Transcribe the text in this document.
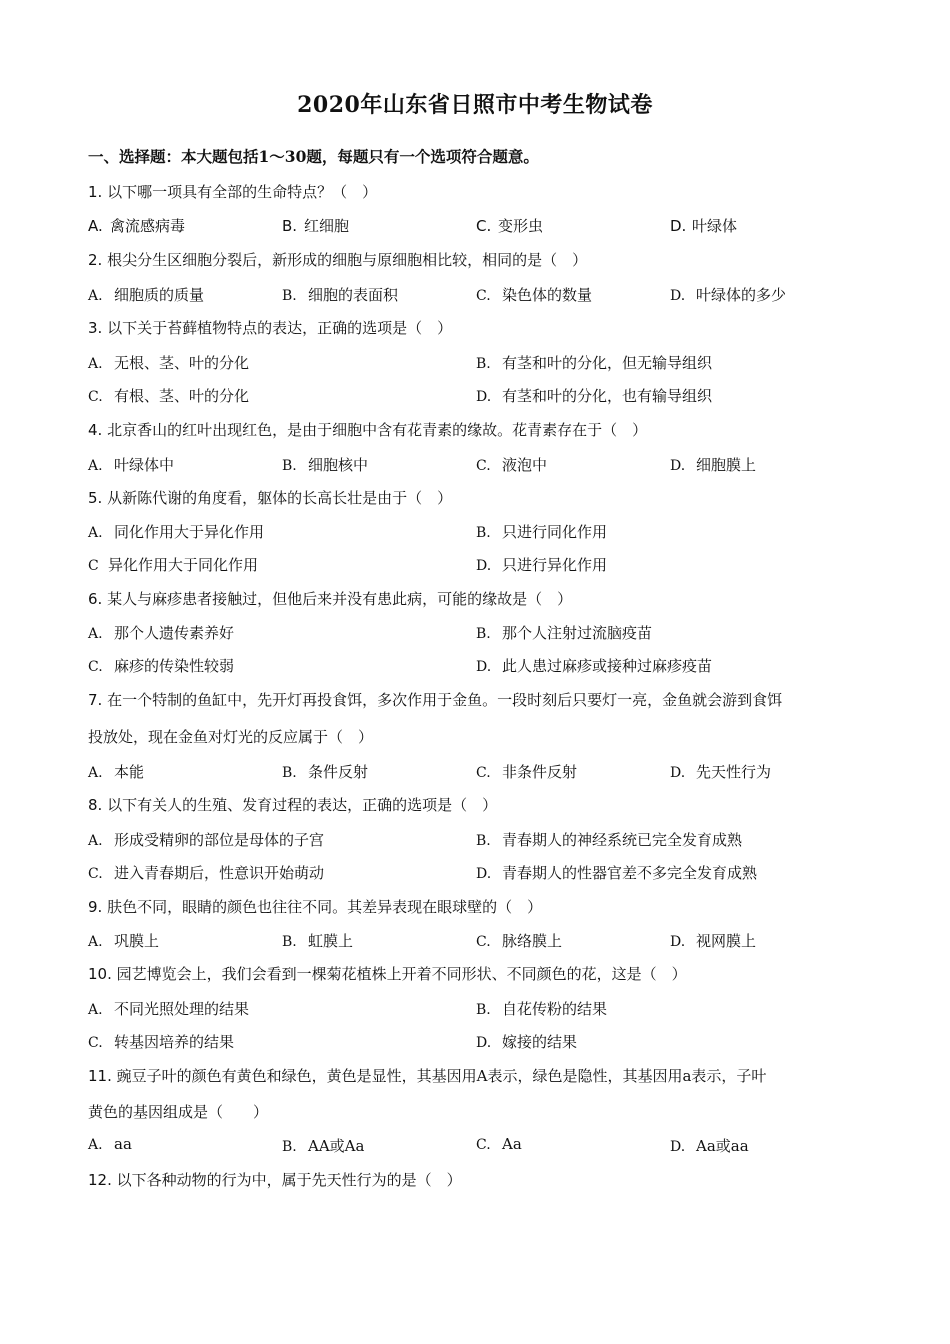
2020年山东省日照市中考生物试卷
一、选择题：本大题包括1～30题，每题只有一个选项符合题意。
1. 以下哪一项具有全部的生命特点？（　）
A. 禽流感病毒	B. 红细胞	C. 变形虫	D. 叶绿体
2. 根尖分生区细胞分裂后，新形成的细胞与原细胞相比较，相同的是（　）
A. 细胞质的质量	B. 细胞的表面积	C. 染色体的数量	D. 叶绿体的多少
3. 以下关于苔藓植物特点的表达，正确的选项是（　）
A. 无根、茎、叶的分化	B. 有茎和叶的分化，但无输导组织
C. 有根、茎、叶的分化	D. 有茎和叶的分化，也有输导组织
4. 北京香山的红叶出现红色，是由于细胞中含有花青素的缘故。花青素存在于（　）
A. 叶绿体中	B. 细胞核中	C. 液泡中	D. 细胞膜上
5. 从新陈代谢的角度看，躯体的长高长壮是由于（　）
A. 同化作用大于异化作用	B. 只进行同化作用
C 异化作用大于同化作用	D. 只进行异化作用
6. 某人与麻疹患者接触过，但他后来并没有患此病，可能的缘故是（　）
A. 那个人遗传素养好	B. 那个人注射过流脑疫苗
C. 麻疹的传染性较弱	D. 此人患过麻疹或接种过麻疹疫苗
7. 在一个特制的鱼缸中，先开灯再投食饵，多次作用于金鱼。一段时刻后只要灯一亮，金鱼就会游到食饵
投放处，现在金鱼对灯光的反应属于（　）
A. 本能	B. 条件反射	C. 非条件反射	D. 先天性行为
8. 以下有关人的生殖、发育过程的表达，正确的选项是（　）
A. 形成受精卵的部位是母体的子宫	B. 青春期人的神经系统已完全发育成熟
C. 进入青春期后，性意识开始萌动	D. 青春期人的性器官差不多完全发育成熟
9. 肤色不同，眼睛的颜色也往往不同。其差异表现在眼球壁的（　）
A. 巩膜上	B. 虹膜上	C. 脉络膜上	D. 视网膜上
10. 园艺博览会上，我们会看到一棵菊花植株上开着不同形状、不同颜色的花，这是（　）
A. 不同光照处理的结果	B. 自花传粉的结果
C. 转基因培养的结果	D. 嫁接的结果
11. 豌豆子叶的颜色有黄色和绿色，黄色是显性，其基因用A表示，绿色是隐性，其基因用a表示，子叶
黄色的基因组成是（　　）
A. aa	B. AA或Aa	C. Aa	D. Aa或aa
12. 以下各种动物的行为中，属于先天性行为的是（　）
